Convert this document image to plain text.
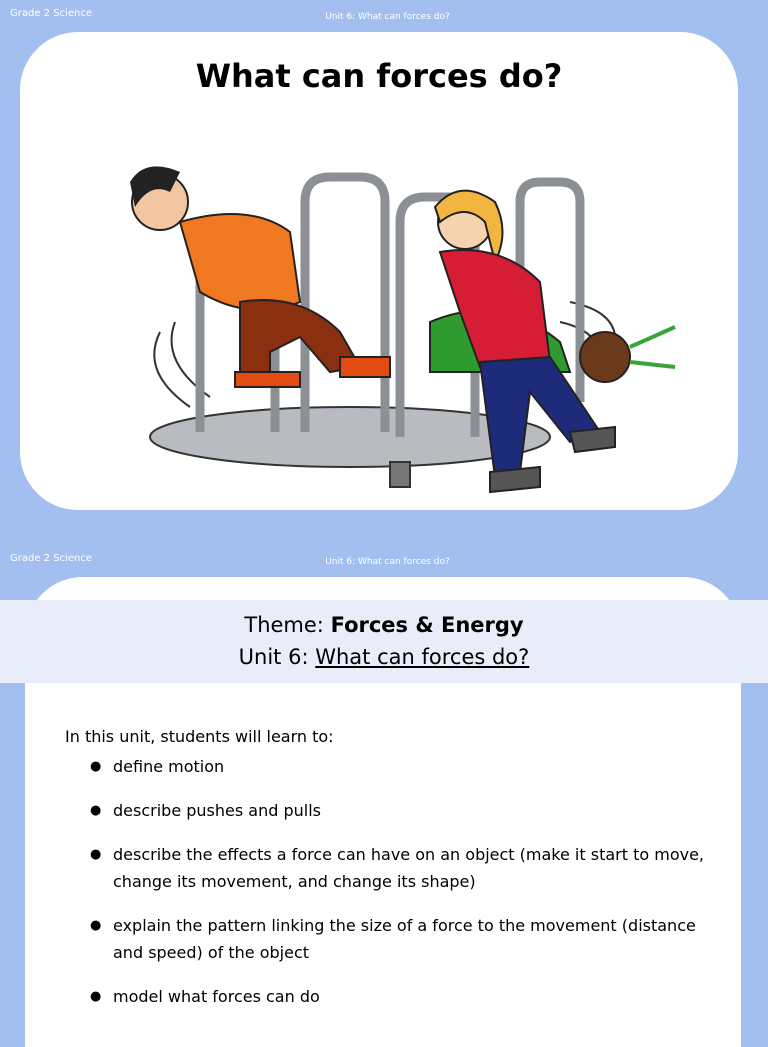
Grade 2 Science	Unit 6: What can forces do?
What can forces do?
Grade 2 Science	Unit 6: What can forces do?
Theme: Forces & Energy
Unit 6: What can forces do?
In this unit, students will learn to:
● define motion
● describe pushes and pulls
● describe the effects a force can have on an object (make it start to move, change its movement, and change its shape)
● explain the pattern linking the size of a force to the movement (distance and speed) of the object
● model what forces can do
